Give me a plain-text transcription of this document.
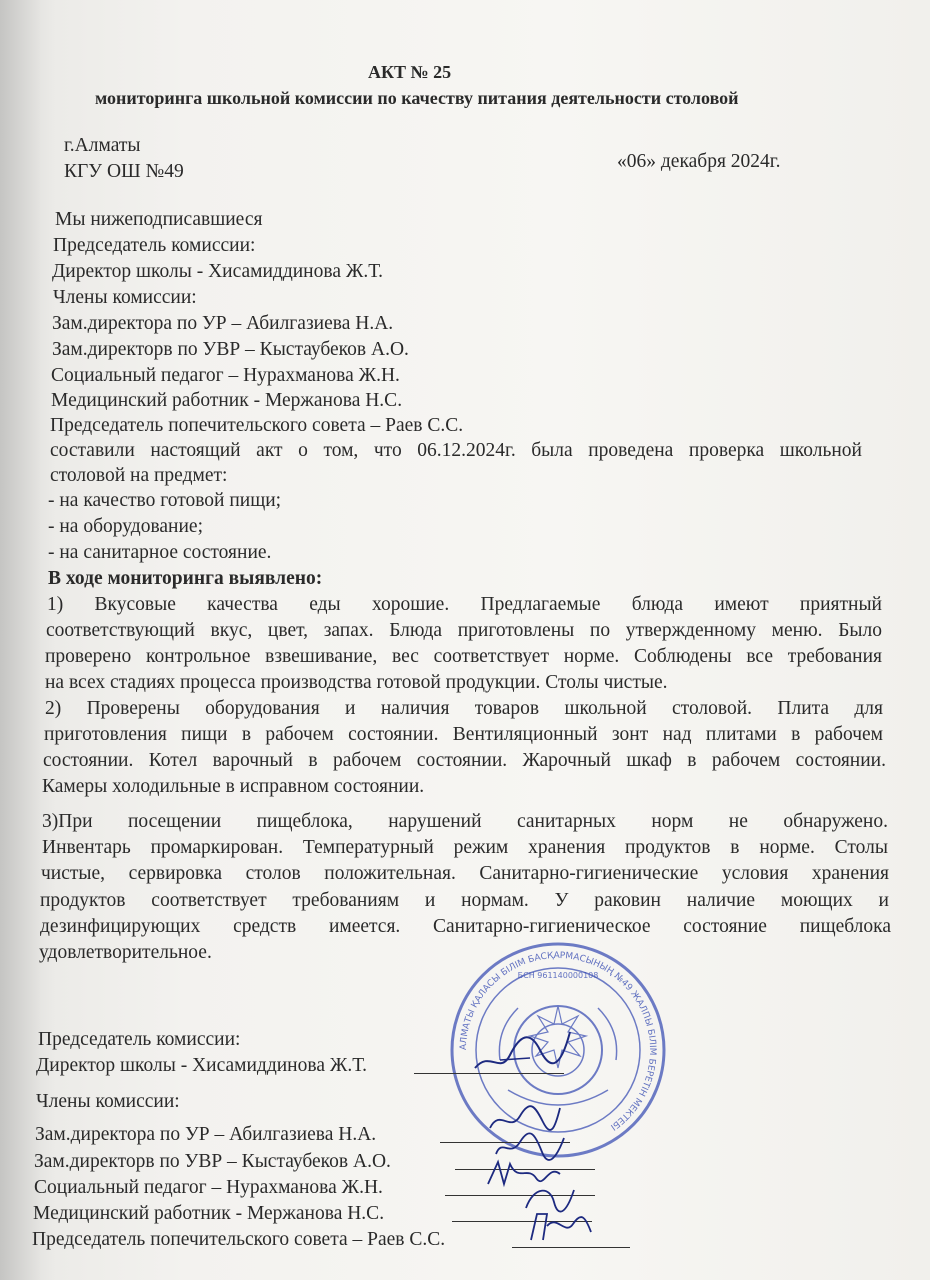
АКТ № 25
мониторинга школьной комиссии по качеству питания деятельности столовой
г.Алматы
КГУ ОШ №49	«06» декабря 2024г.
Мы нижеподписавшиеся
Председатель комиссии:
Директор школы - Хисамиддинова Ж.Т.
Члены комиссии:
Зам.директора по УР – Абилгазиева Н.А.
Зам.директорв по УВР – Кыстаубеков А.О.
Социальный педагог – Нурахманова Ж.Н.
Медицинский работник - Мержанова Н.С.
Председатель попечительского совета – Раев С.С.
составили настоящий акт о том, что 06.12.2024г. была проведена проверка школьной
столовой на предмет:
- на качество готовой пищи;
- на оборудование;
- на санитарное состояние.
В ходе мониторинга выявлено:
1) Вкусовые качества еды хорошие. Предлагаемые блюда имеют приятный
соответствующий вкус, цвет, запах. Блюда приготовлены по утвержденному меню. Было
проверено контрольное взвешивание, вес соответствует норме. Соблюдены все требования
на всех стадиях процесса производства готовой продукции. Столы чистые.
2) Проверены оборудования и наличия товаров школьной столовой. Плита для
приготовления пищи в рабочем состоянии. Вентиляционный зонт над плитами в рабочем
состоянии. Котел варочный в рабочем состоянии. Жарочный шкаф в рабочем состоянии.
Камеры холодильные в исправном состоянии.
3)При посещении пищеблока, нарушений санитарных норм не обнаружено.
Инвентарь промаркирован. Температурный режим хранения продуктов в норме. Столы
чистые, сервировка столов положительная. Санитарно-гигиенические условия хранения
продуктов соответствует требованиям и нормам. У раковин наличие моющих и
дезинфицирующих средств имеется. Санитарно-гигиеническое состояние пищеблока
удовлетворительное.
АЛМАТЫ ҚАЛАСЫ БІЛІМ БАСҚАРМАСЫНЫҢ №49 ЖАЛПЫ БІЛІМ БЕРЕТІН МЕКТЕБІ
БСН 961140000108
Председатель комиссии:
Директор школы - Хисамиддинова Ж.Т.
Члены комиссии:
Зам.директора по УР – Абилгазиева Н.А.
Зам.директорв по УВР – Кыстаубеков А.О.
Социальный педагог – Нурахманова Ж.Н.
Медицинский работник - Мержанова Н.С.
Председатель попечительского совета – Раев С.С.
